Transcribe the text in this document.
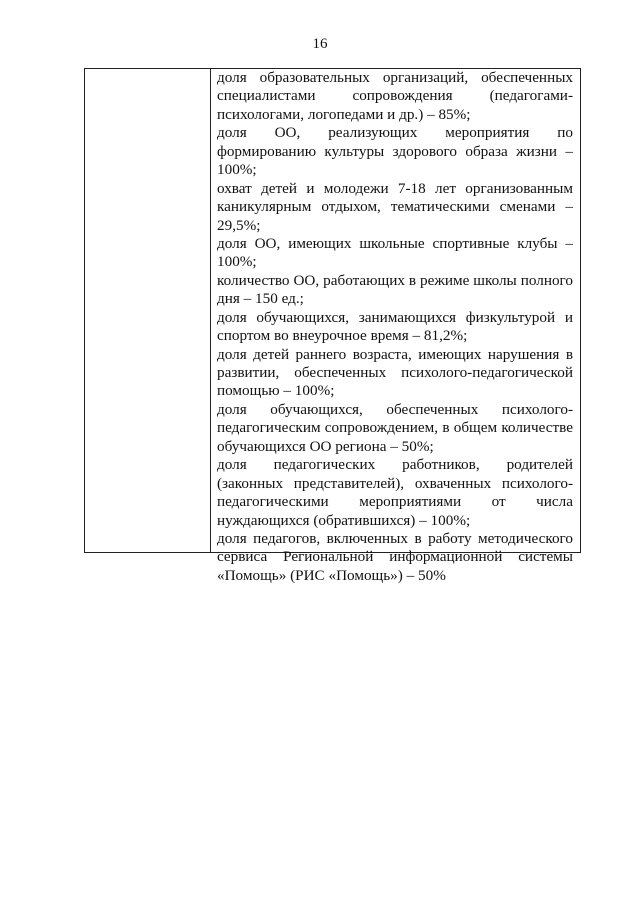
16
доля образовательных организаций, обеспеченных
специалистами сопровождения (педагогами-
психологами, логопедами и др.) – 85%;
доля ОО, реализующих мероприятия по
формированию культуры здорового образа жизни –
100%;
охват детей и молодежи 7-18 лет организованным
каникулярным отдыхом, тематическими сменами –
29,5%;
доля ОО, имеющих школьные спортивные клубы –
100%;
количество ОО, работающих в режиме школы полного
дня – 150 ед.;
доля обучающихся, занимающихся физкультурой и
спортом во внеурочное время – 81,2%;
доля детей раннего возраста, имеющих нарушения в
развитии, обеспеченных психолого-педагогической
помощью – 100%;
доля обучающихся, обеспеченных психолого-
педагогическим сопровождением, в общем количестве
обучающихся ОО региона – 50%;
доля педагогических работников, родителей
(законных представителей), охваченных психолого-
педагогическими мероприятиями от числа
нуждающихся (обратившихся) – 100%;
доля педагогов, включенных в работу методического
сервиса Региональной информационной системы
«Помощь» (РИС «Помощь») – 50%
